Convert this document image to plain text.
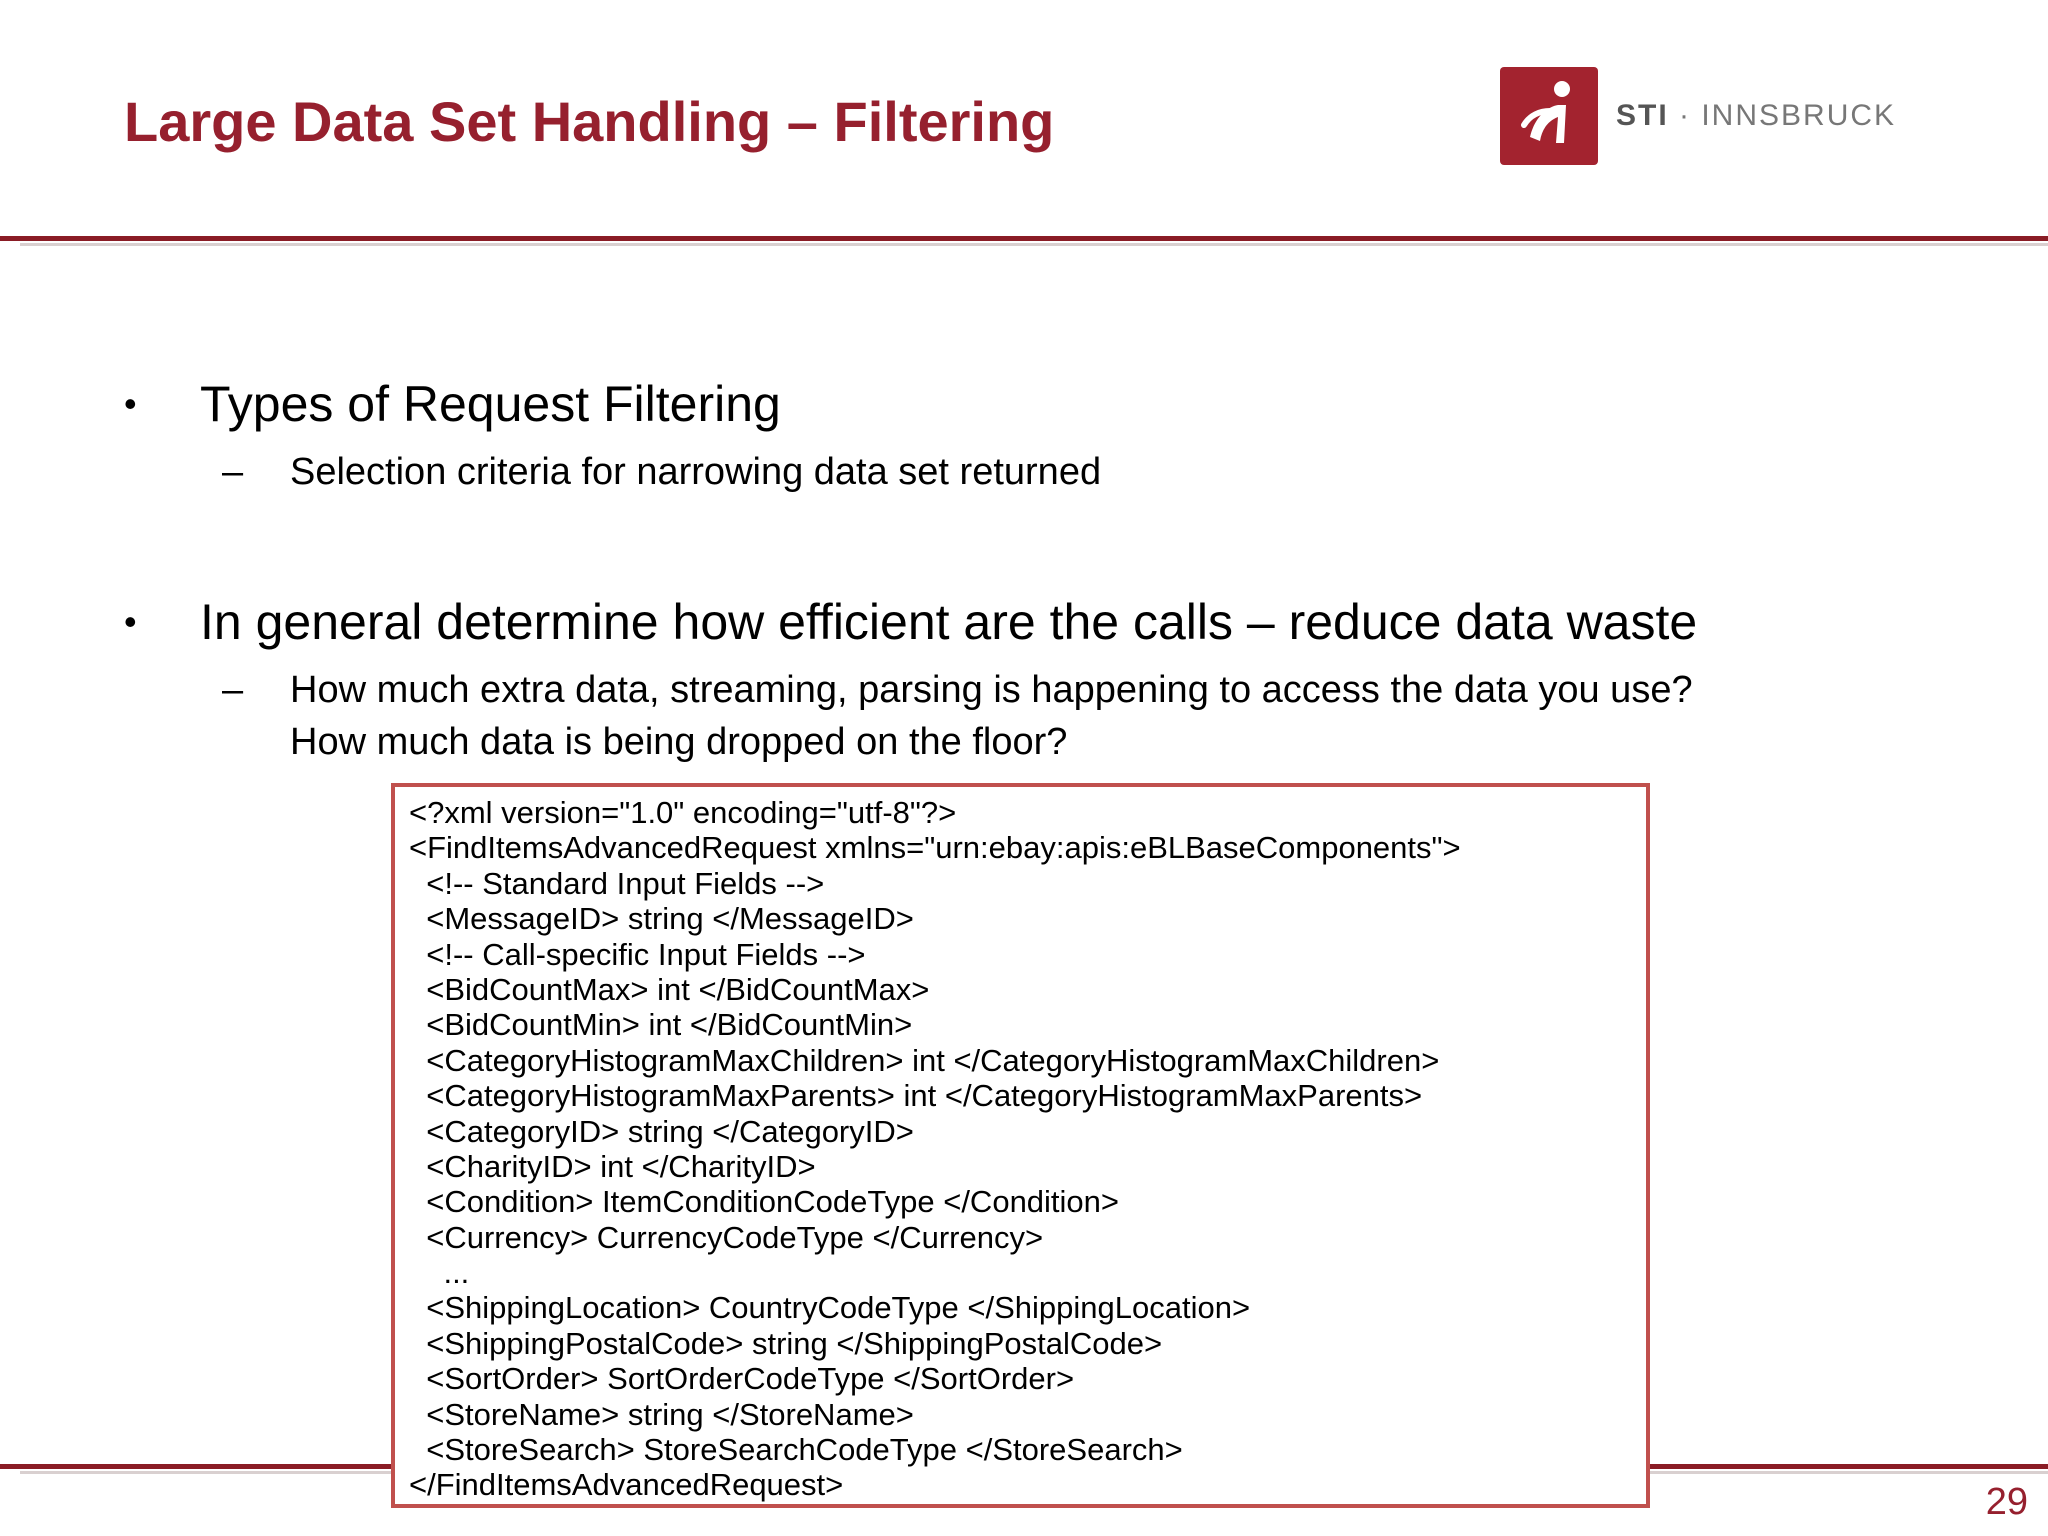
Large Data Set Handling – Filtering	STI · INNSBRUCK
•	Types of Request Filtering
–	Selection criteria for narrowing data set returned
•	In general determine how efficient are the calls – reduce data waste
–	How much extra data, streaming, parsing is happening to access the data you use?
How much data is being dropped on the floor?
<?xml version="1.0" encoding="utf-8"?>
<FindItemsAdvancedRequest xmlns="urn:ebay:apis:eBLBaseComponents">
<!-- Standard Input Fields -->
<MessageID> string </MessageID>
<!-- Call-specific Input Fields -->
<BidCountMax> int </BidCountMax>
<BidCountMin> int </BidCountMin>
<CategoryHistogramMaxChildren> int </CategoryHistogramMaxChildren>
<CategoryHistogramMaxParents> int </CategoryHistogramMaxParents>
<CategoryID> string </CategoryID>
<CharityID> int </CharityID>
<Condition> ItemConditionCodeType </Condition>
<Currency> CurrencyCodeType </Currency>
...
<ShippingLocation> CountryCodeType </ShippingLocation>
<ShippingPostalCode> string </ShippingPostalCode>
<SortOrder> SortOrderCodeType </SortOrder>
<StoreName> string </StoreName>
<StoreSearch> StoreSearchCodeType </StoreSearch>
</FindItemsAdvancedRequest>	29
